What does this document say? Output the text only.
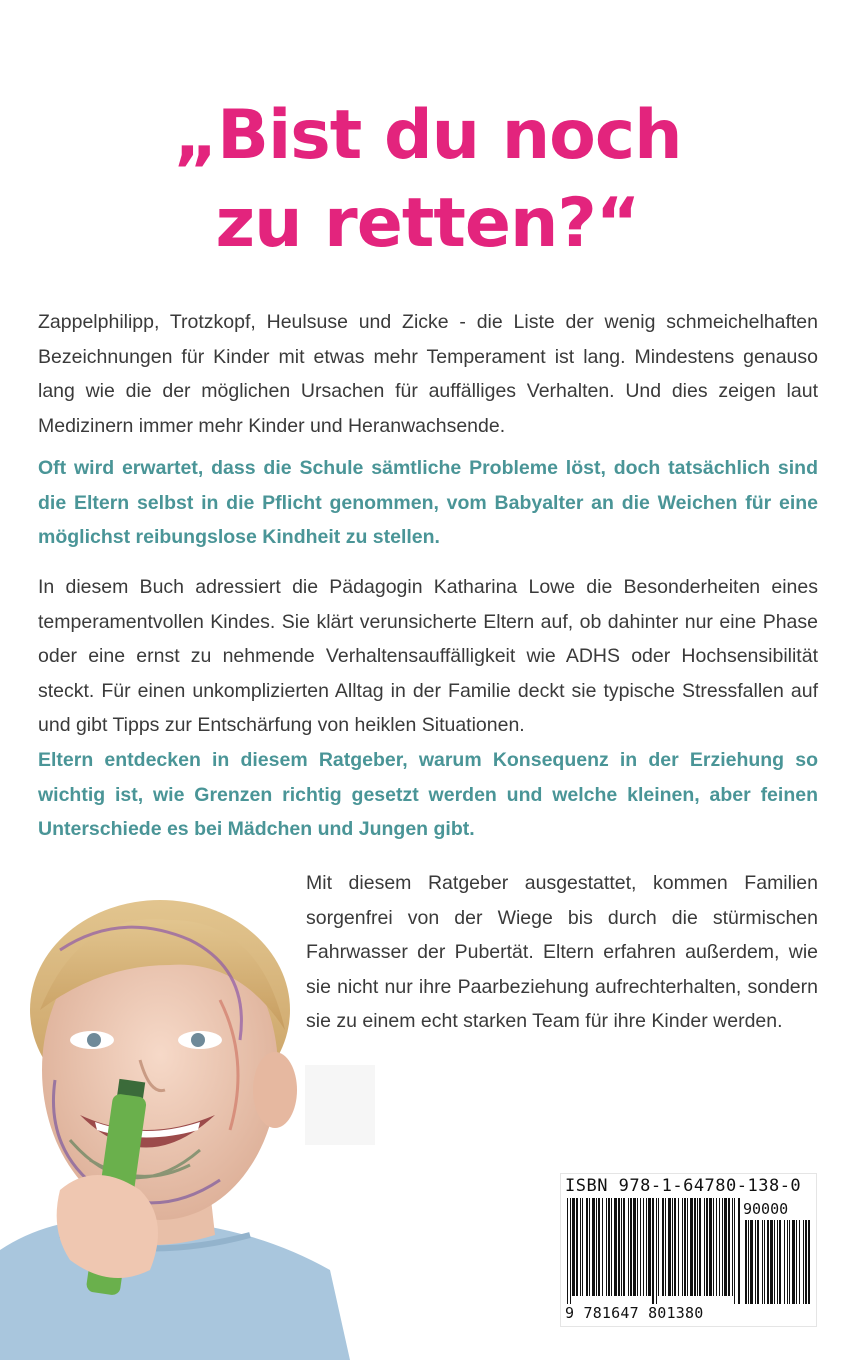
„Bist du noch
zu retten?“

Zappelphilipp, Trotzkopf, Heulsuse und Zicke - die Liste der wenig schmeichelhaften Bezeichnungen für Kinder mit etwas mehr Temperament ist lang. Mindestens genauso lang wie die der möglichen Ursachen für auffälliges Verhalten. Und dies zeigen laut Medizinern immer mehr Kinder und Heranwachsende.

Oft wird erwartet, dass die Schule sämtliche Probleme löst, doch tatsächlich sind die Eltern selbst in die Pflicht genommen, vom Babyalter an die Weichen für eine möglichst reibungslose Kindheit zu stellen.

In diesem Buch adressiert die Pädagogin Katharina Lowe die Besonderheiten eines temperamentvollen Kindes. Sie klärt verunsicherte Eltern auf, ob dahinter nur eine Phase oder eine ernst zu nehmende Verhaltensauffälligkeit wie ADHS oder Hochsensibilität steckt. Für einen unkomplizierten Alltag in der Familie deckt sie typische Stressfallen auf und gibt Tipps zur Entschärfung von heiklen Situationen.

Eltern entdecken in diesem Ratgeber, warum Konsequenz in der Erziehung so wichtig ist, wie Grenzen richtig gesetzt werden und welche kleinen, aber feinen Unterschiede es bei Mädchen und Jungen gibt.

Mit diesem Ratgeber ausgestattet, kommen Familien sorgenfrei von der Wiege bis durch die stürmischen Fahrwasser der Pubertät. Eltern erfahren außerdem, wie sie nicht nur ihre Paarbeziehung aufrechterhalten, sondern sie zu einem echt starken Team für ihre Kinder werden.

ISBN 978-1-64780-138-0
90000
9 781647 801380
